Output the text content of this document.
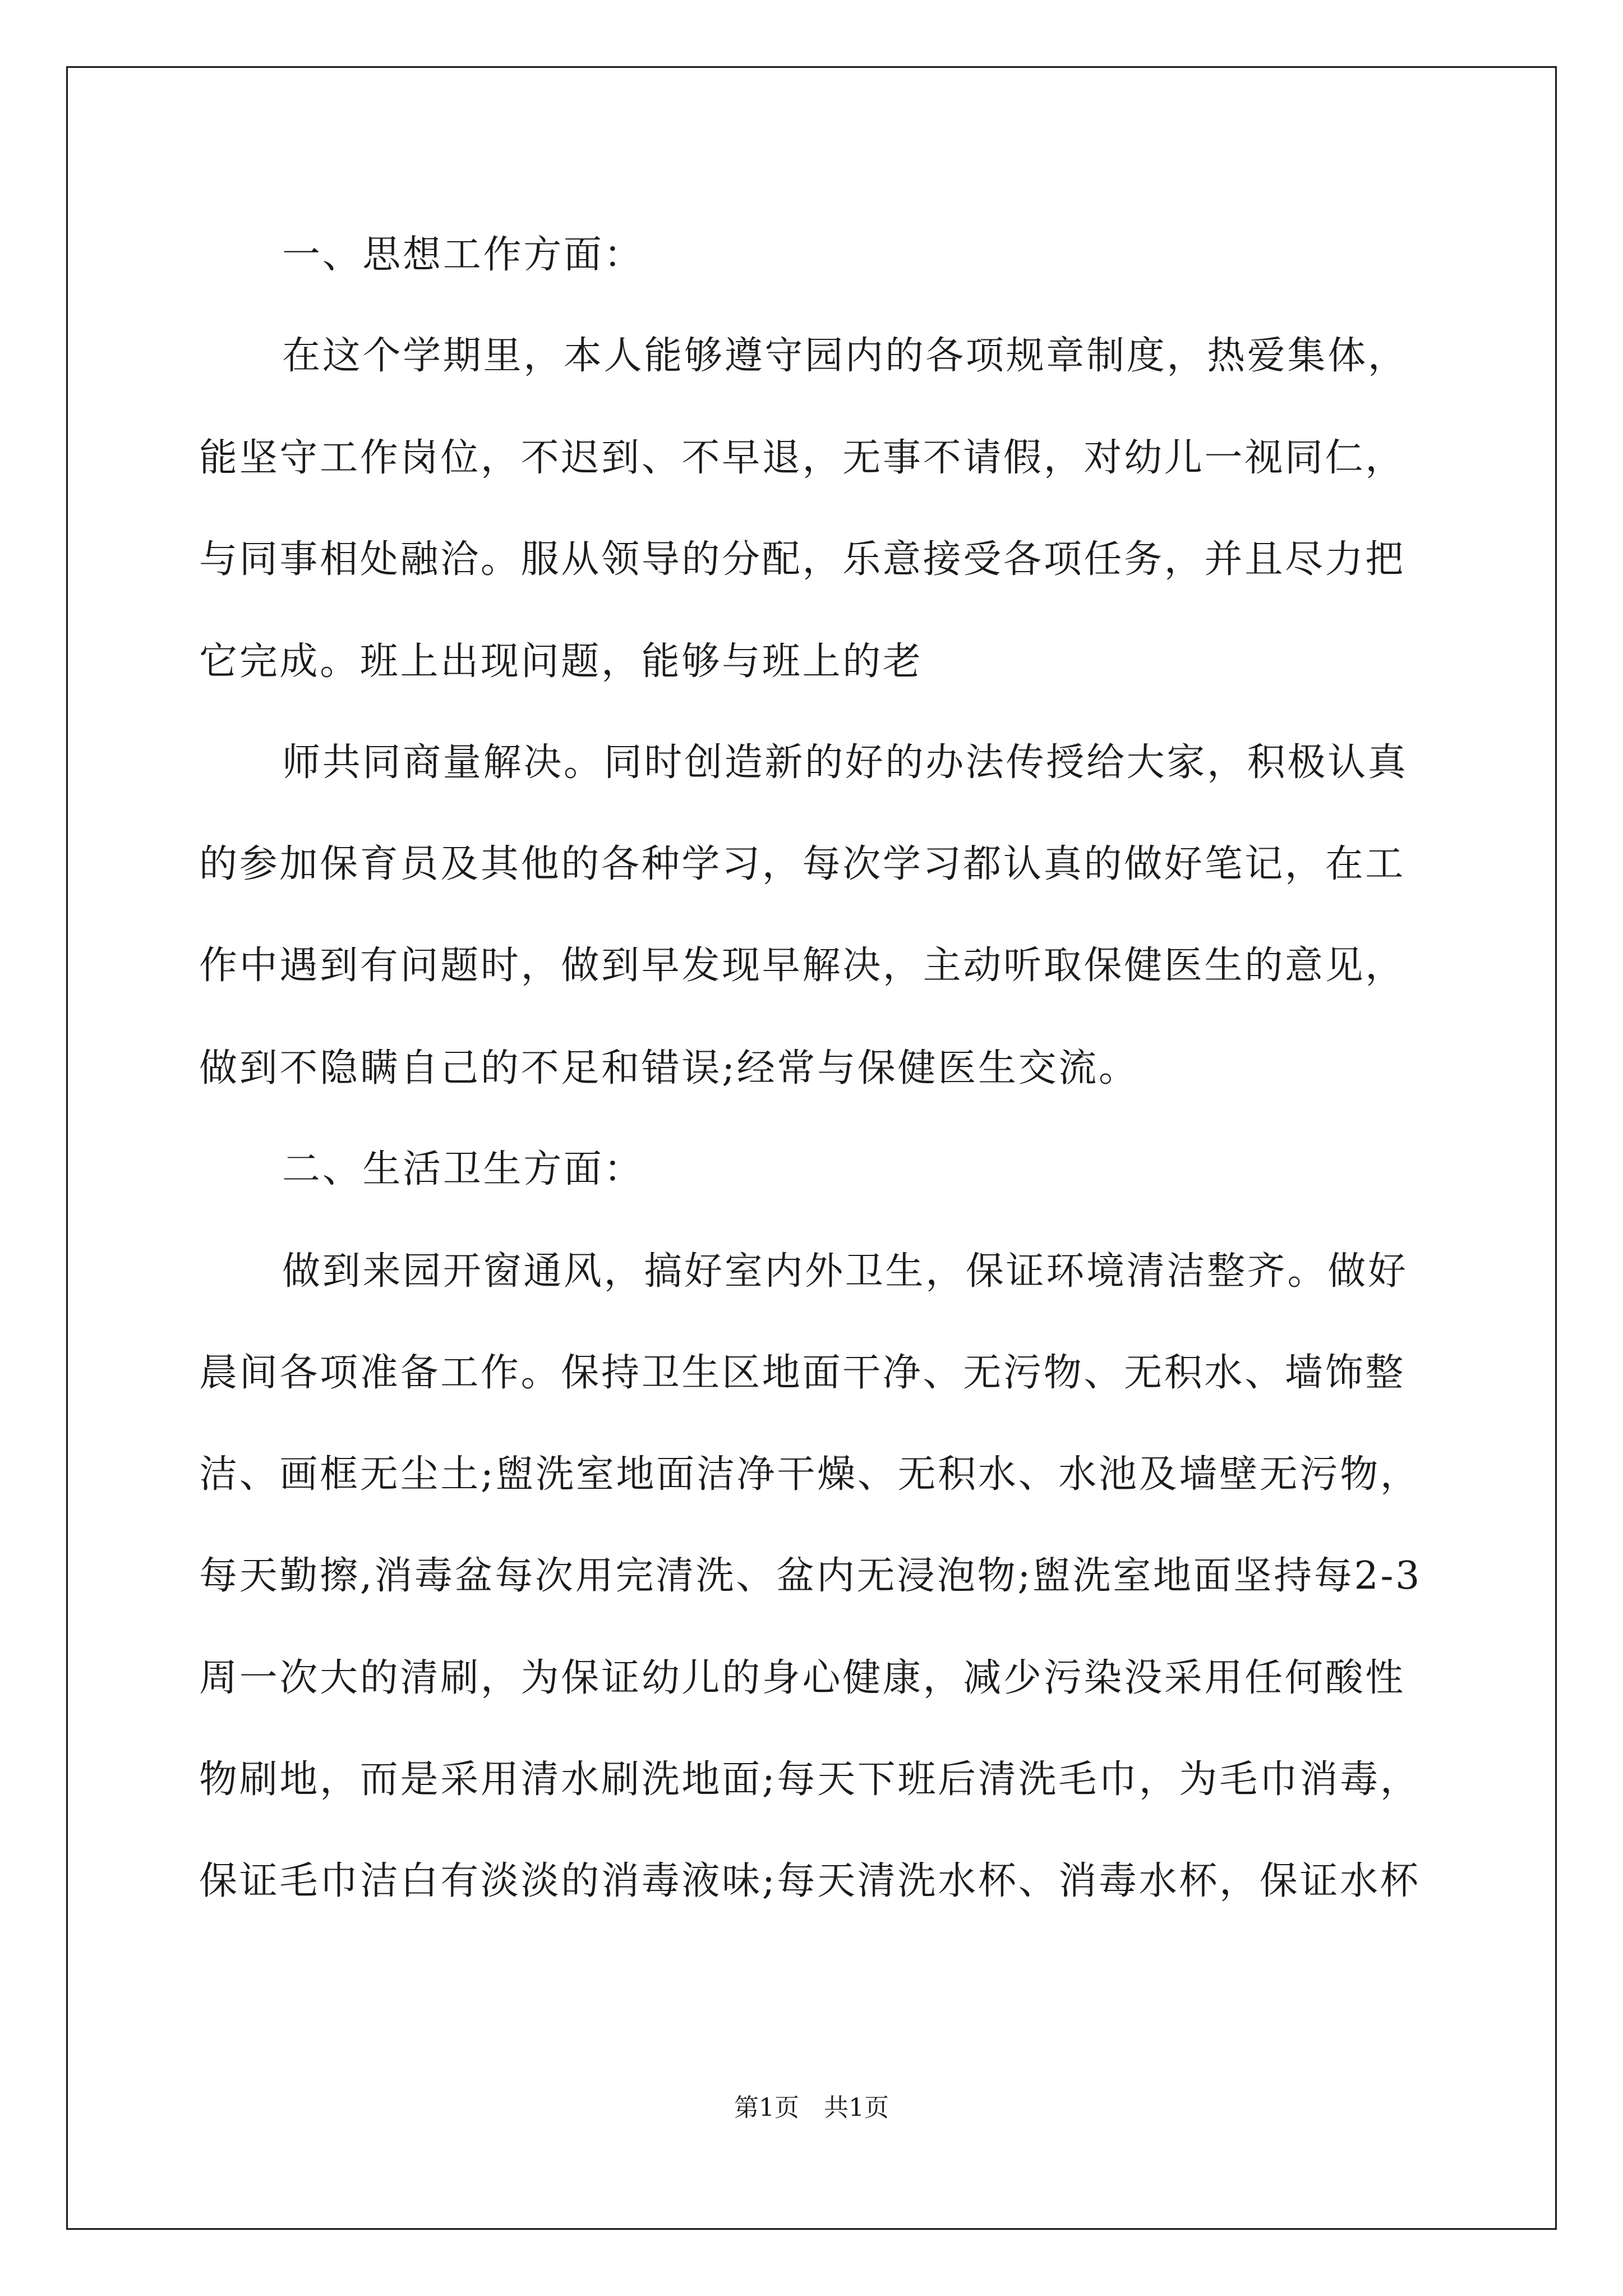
一、思想工作方面：
在这个学期里，本人能够遵守园内的各项规章制度，热爱集体，
能坚守工作岗位，不迟到、不早退，无事不请假，对幼儿一视同仁，
与同事相处融洽。服从领导的分配，乐意接受各项任务，并且尽力把
它完成。班上出现问题，能够与班上的老
师共同商量解决。同时创造新的好的办法传授给大家，积极认真
的参加保育员及其他的各种学习，每次学习都认真的做好笔记，在工
作中遇到有问题时，做到早发现早解决，主动听取保健医生的意见，
做到不隐瞒自己的不足和错误;经常与保健医生交流。
二、生活卫生方面：
做到来园开窗通风，搞好室内外卫生，保证环境清洁整齐。做好
晨间各项准备工作。保持卫生区地面干净、无污物、无积水、墙饰整
洁、画框无尘土;盥洗室地面洁净干燥、无积水、水池及墙壁无污物，
每天勤擦,消毒盆每次用完清洗、盆内无浸泡物;盥洗室地面坚持每2-3
周一次大的清刷，为保证幼儿的身心健康，减少污染没采用任何酸性
物刷地，而是采用清水刷洗地面;每天下班后清洗毛巾，为毛巾消毒，
保证毛巾洁白有淡淡的消毒液味;每天清洗水杯、消毒水杯，保证水杯
第1页　共1页
